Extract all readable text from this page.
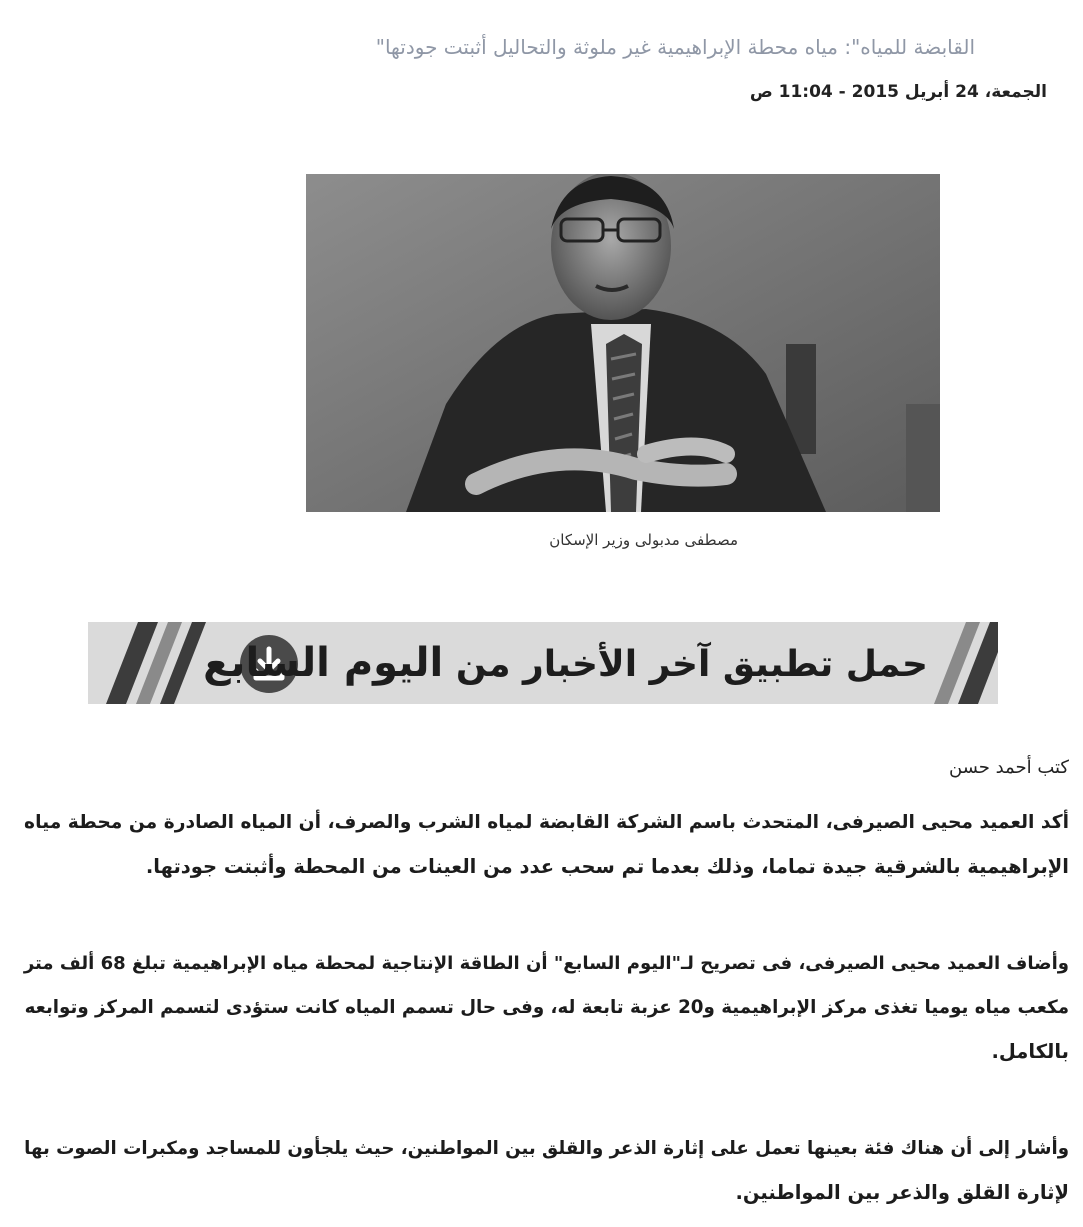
القابضة للمياه": مياه محطة الإبراهيمية غير ملوثة والتحاليل أثبتت جودتها"
الجمعة، 24 أبريل 2015 - 11:04 ص
مصطفى مدبولى وزير الإسكان
حمل تطبيق آخر الأخبار من اليوم السابع
كتب أحمد حسن
أكد العميد محيى الصيرفى، المتحدث باسم الشركة القابضة لمياه الشرب والصرف، أن المياه الصادرة من محطة مياه
الإبراهيمية بالشرقية جيدة تماما، وذلك بعدما تم سحب عدد من العينات من المحطة وأثبتت جودتها.
وأضاف العميد محيى الصيرفى، فى تصريح لـ"اليوم السابع" أن الطاقة الإنتاجية لمحطة مياه الإبراهيمية تبلغ 68 ألف متر
مكعب مياه يوميا تغذى مركز الإبراهيمية و20 عزبة تابعة له، وفى حال تسمم المياه كانت ستؤدى لتسمم المركز وتوابعه
بالكامل.
وأشار إلى أن هناك فئة بعينها تعمل على إثارة الذعر والقلق بين المواطنين، حيث يلجأون للمساجد ومكبرات الصوت بها
لإثارة القلق والذعر بين المواطنين.
